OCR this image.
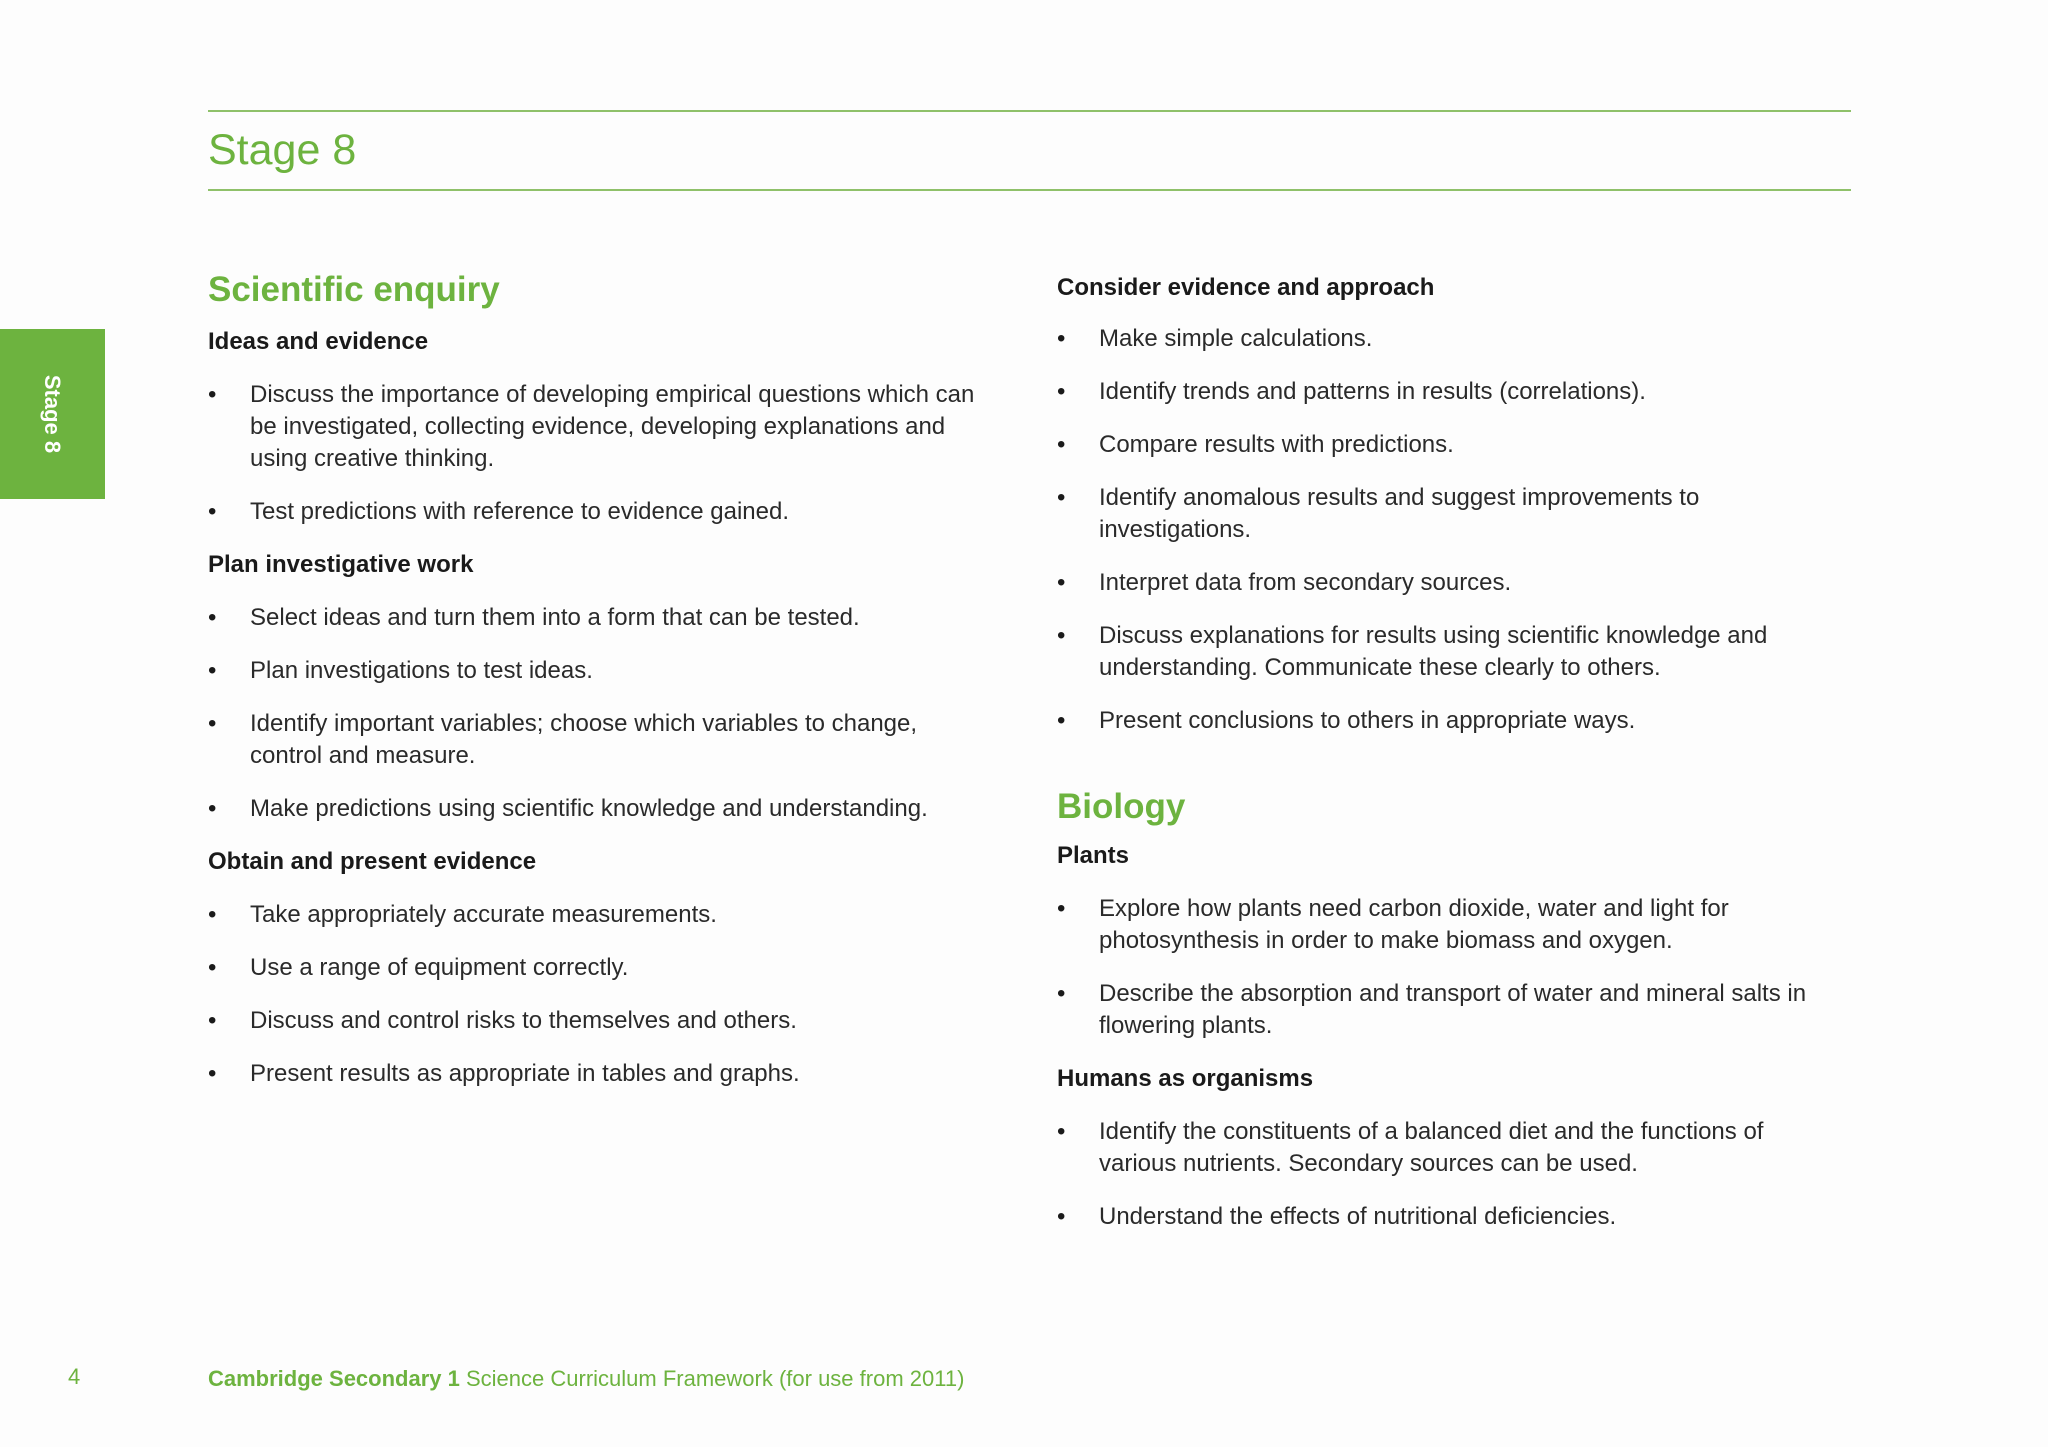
Stage 8
Stage 8
Scientific enquiry
Ideas and evidence
• Discuss the importance of developing empirical questions which can be investigated, collecting evidence, developing explanations and using creative thinking.
• Test predictions with reference to evidence gained.
Plan investigative work
• Select ideas and turn them into a form that can be tested.
• Plan investigations to test ideas.
• Identify important variables; choose which variables to change, control and measure.
• Make predictions using scientific knowledge and understanding.
Obtain and present evidence
• Take appropriately accurate measurements.
• Use a range of equipment correctly.
• Discuss and control risks to themselves and others.
• Present results as appropriate in tables and graphs.
Consider evidence and approach
• Make simple calculations.
• Identify trends and patterns in results (correlations).
• Compare results with predictions.
• Identify anomalous results and suggest improvements to investigations.
• Interpret data from secondary sources.
• Discuss explanations for results using scientific knowledge and understanding. Communicate these clearly to others.
• Present conclusions to others in appropriate ways.
Biology
Plants
• Explore how plants need carbon dioxide, water and light for photosynthesis in order to make biomass and oxygen.
• Describe the absorption and transport of water and mineral salts in flowering plants.
Humans as organisms
• Identify the constituents of a balanced diet and the functions of various nutrients. Secondary sources can be used.
• Understand the effects of nutritional deficiencies.
4	Cambridge Secondary 1 Science Curriculum Framework (for use from 2011)
